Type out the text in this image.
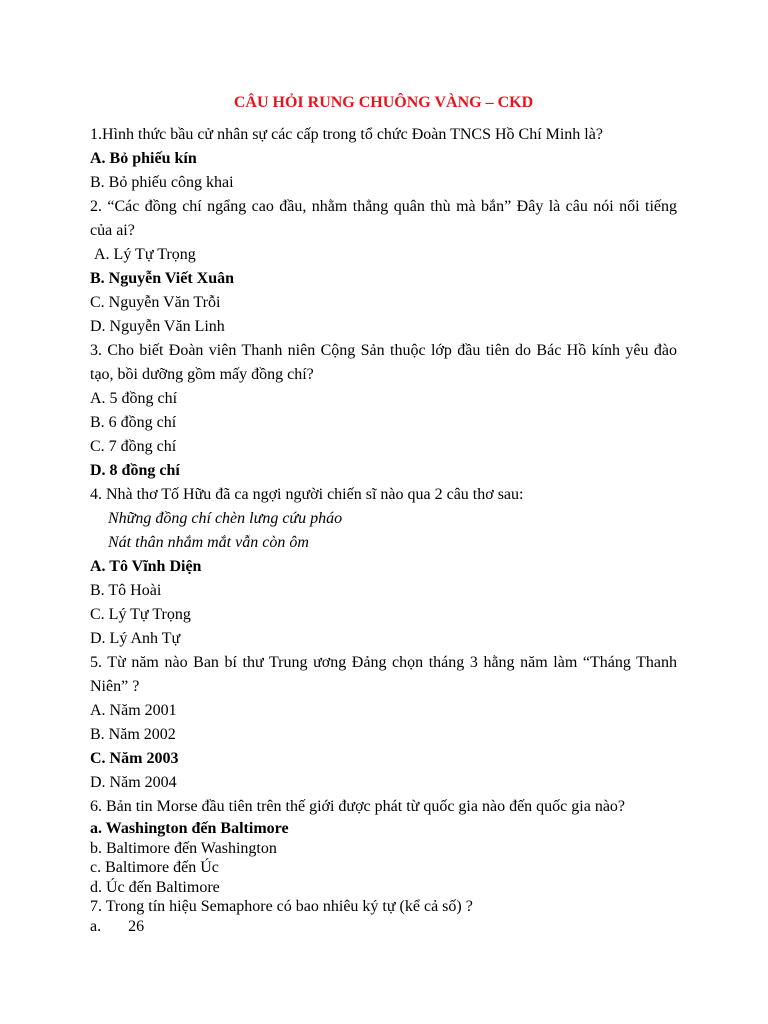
CÂU HỎI RUNG CHUÔNG VÀNG – CKD
1.Hình thức bầu cử nhân sự các cấp trong tổ chức Đoàn TNCS Hồ Chí Minh là?
A. Bỏ phiếu kín
B. Bỏ phiếu công khai
2. “Các đồng chí ngẩng cao đầu, nhằm thẳng quân thù mà bắn” Đây là câu nói nổi tiếng của ai?
A. Lý Tự Trọng
B. Nguyễn Viết Xuân
C. Nguyễn Văn Trỗi
D. Nguyễn Văn Linh
3. Cho biết Đoàn viên Thanh niên Cộng Sản thuộc lớp đầu tiên do Bác Hồ kính yêu đào tạo, bồi dưỡng gồm mấy đồng chí?
A. 5 đồng chí
B. 6 đồng chí
C. 7 đồng chí
D. 8 đồng chí
4. Nhà thơ Tố Hữu đã ca ngợi người chiến sĩ nào qua 2 câu thơ sau:
Những đồng chí chèn lưng cứu pháo
Nát thân nhắm mắt vẫn còn ôm
A. Tô Vĩnh Diện
B. Tô Hoài
C. Lý Tự Trọng
D. Lý Anh Tự
5. Từ năm nào Ban bí thư Trung ương Đảng chọn tháng 3 hằng năm làm “Tháng Thanh Niên” ?
A. Năm 2001
B. Năm 2002
C. Năm 2003
D. Năm 2004
6. Bản tin Morse đầu tiên trên thế giới được phát từ quốc gia nào đến quốc gia nào?
a. Washington đến Baltimore
b. Baltimore đến Washington
c. Baltimore đến Úc
d. Úc đến Baltimore
7. Trong tín hiệu Semaphore có bao nhiêu ký tự (kể cả số) ?
a. 26
